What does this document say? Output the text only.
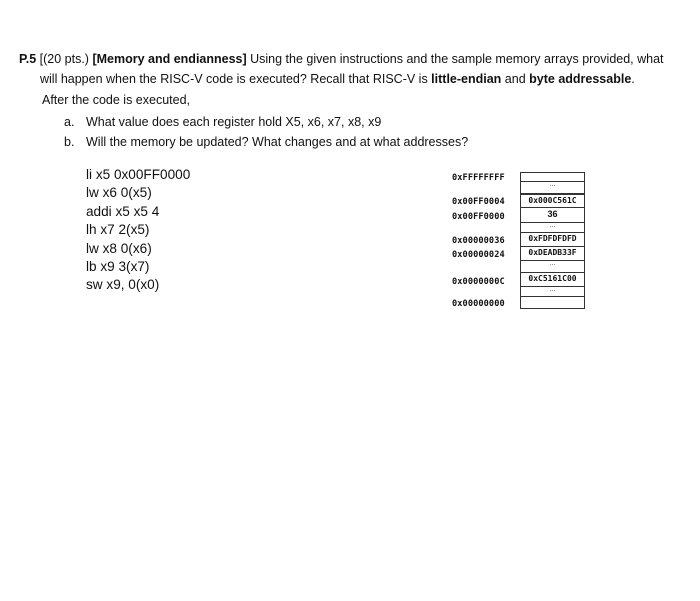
P.5 [(20 pts.) [Memory and endianness] Using the given instructions and the sample memory arrays provided, what
will happen when the RISC-V code is executed? Recall that RISC-V is little-endian and byte addressable.
After the code is executed,
a. What value does each register hold X5, x6, x7, x8, x9
b. Will the memory be updated? What changes and at what addresses?
li x5 0x00FF0000
lw x6 0(x5)
addi x5 x5 4
lh x7 2(x5)
lw x8 0(x6)
lb x9 3(x7)
sw x9, 0(x0)
0xFFFFFFFF
0x00FF0004
0x00FF0000
0x00000036
0x00000024
0x0000000C
0x00000000
...
0x000C561C
36
...
0xFDFDFDFD
0xDEADB33F
...
0xC5161C00
...
